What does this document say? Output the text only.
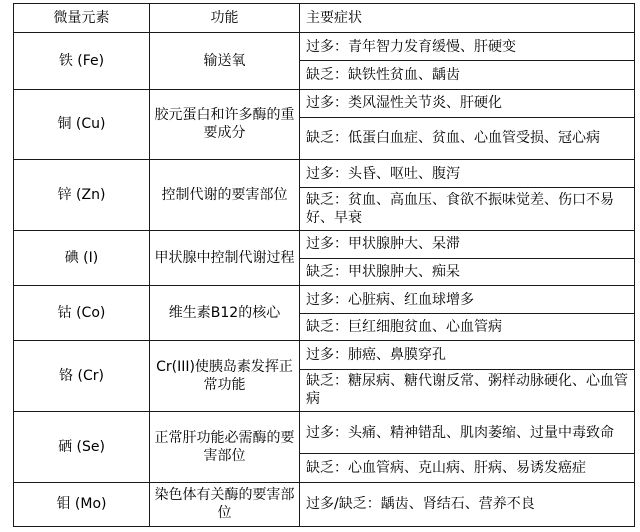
微量元素	功能	主要症状
铁 (Fe)	输送氧	过多：青年智力发育缓慢、肝硬变
		缺乏：缺铁性贫血、龋齿
铜 (Cu)	胶元蛋白和许多酶的重要成分	过多：类风湿性关节炎、肝硬化
		缺乏：低蛋白血症、贫血、心血管受损、冠心病
锌 (Zn)	控制代谢的要害部位	过多：头昏、呕吐、腹泻
		缺乏：贫血、高血压、食欲不振味觉差、伤口不易好、早衰
碘 (I)	甲状腺中控制代谢过程	过多：甲状腺肿大、呆滞
		缺乏：甲状腺肿大、痴呆
钴 (Co)	维生素B12的核心	过多：心脏病、红血球增多
		缺乏：巨红细胞贫血、心血管病
铬 (Cr)	Cr(III)使胰岛素发挥正常功能	过多：肺癌、鼻膜穿孔
		缺乏：糖尿病、糖代谢反常、粥样动脉硬化、心血管病
硒 (Se)	正常肝功能必需酶的要害部位	过多：头痛、精神错乱、肌肉萎缩、过量中毒致命
		缺乏：心血管病、克山病、肝病、易诱发癌症
钼 (Mo)	染色体有关酶的要害部位	过多/缺乏：龋齿、肾结石、营养不良
